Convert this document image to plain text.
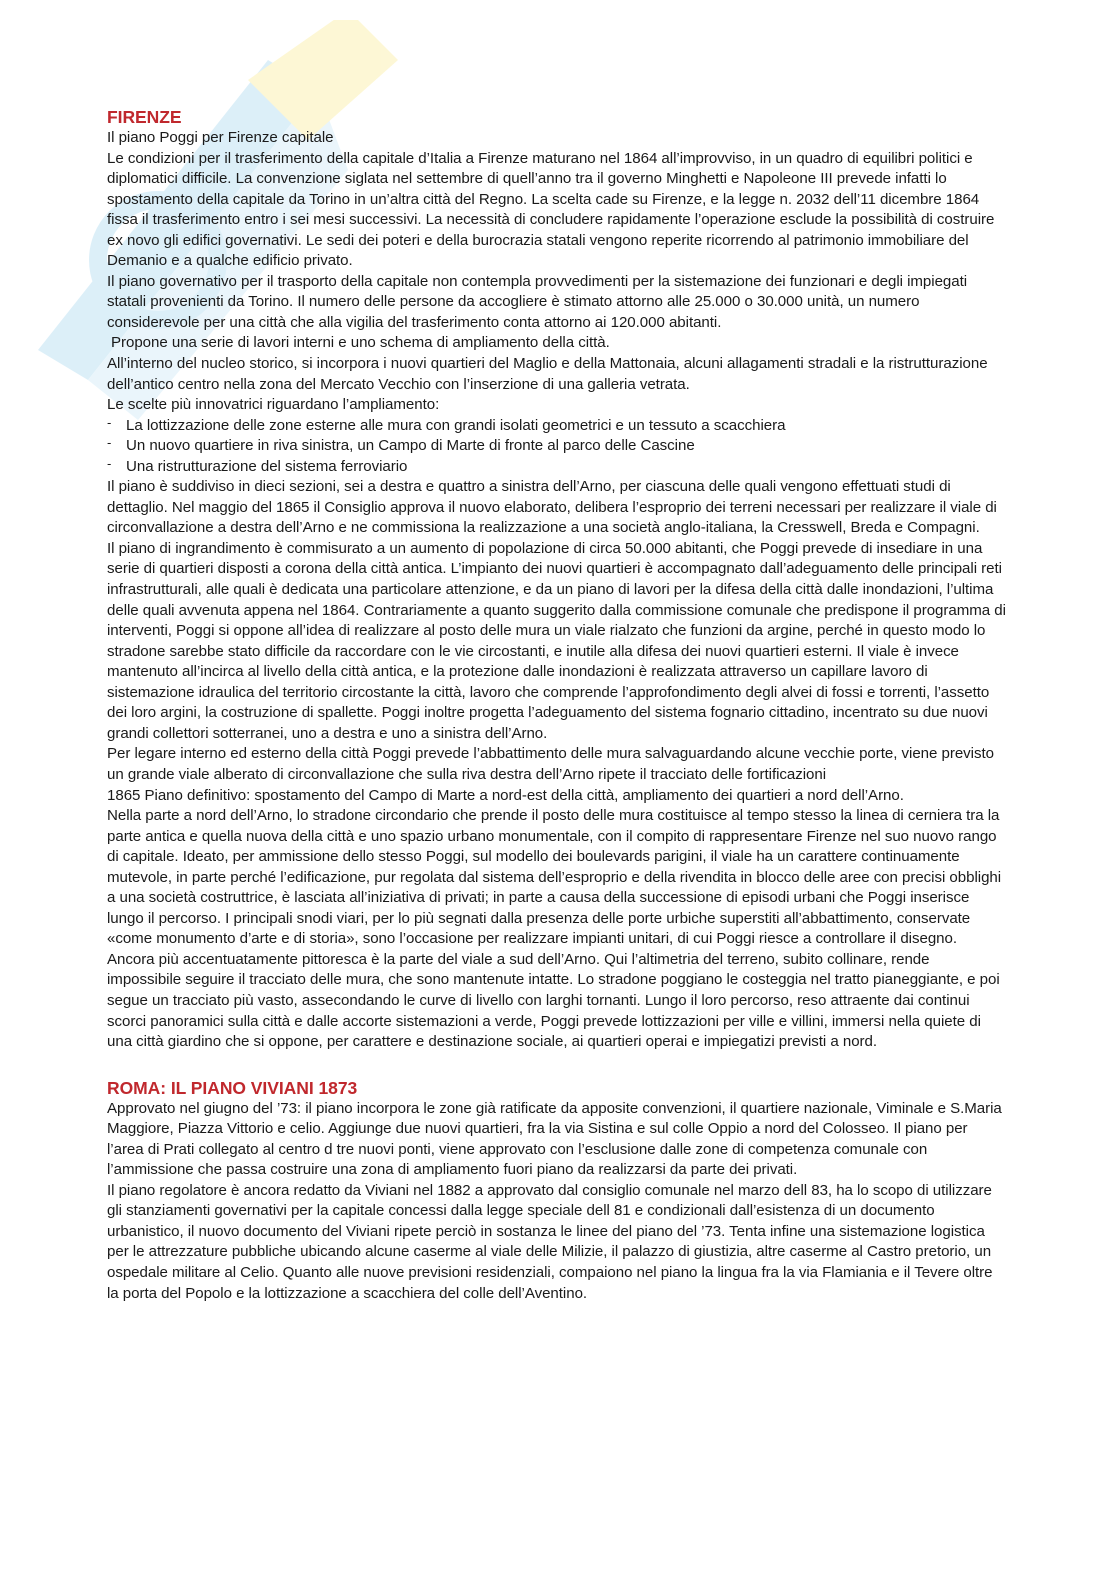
FIRENZE

Il piano Poggi per Firenze capitale

Le condizioni per il trasferimento della capitale d’Italia a Firenze maturano nel 1864 all’improvviso, in un quadro di equilibri politici e diplomatici difficile. La convenzione siglata nel settembre di quell’anno tra il governo Minghetti e Napoleone III prevede infatti lo spostamento della capitale da Torino in un’altra città del Regno. La scelta cade su Firenze, e la legge n. 2032 dell’11 dicembre 1864 fissa il trasferimento entro i sei mesi successivi. La necessità di concludere rapidamente l’operazione esclude la possibilità di costruire ex novo gli edifici governativi. Le sedi dei poteri e della burocrazia statali vengono reperite ricorrendo al patrimonio immobiliare del Demanio e a qualche edificio privato.

Il piano governativo per il trasporto della capitale non contempla provvedimenti per la sistemazione dei funzionari e degli impiegati statali provenienti da Torino. Il numero delle persone da accogliere è stimato attorno alle 25.000 o 30.000 unità, un numero considerevole per una città che alla vigilia del trasferimento conta attorno ai 120.000 abitanti.

Propone una serie di lavori interni e uno schema di ampliamento della città.

All’interno del nucleo storico, si incorpora i nuovi quartieri del Maglio e della Mattonaia, alcuni allagamenti stradali e la ristrutturazione dell’antico centro nella zona del Mercato Vecchio con l’inserzione di una galleria vetrata.

Le scelte più innovatrici riguardano l’ampliamento:

- La lottizzazione delle zone esterne alle mura con grandi isolati geometrici e un tessuto a scacchiera
- Un nuovo quartiere in riva sinistra, un Campo di Marte di fronte al parco delle Cascine
- Una ristrutturazione del sistema ferroviario

Il piano è suddiviso in dieci sezioni, sei a destra e quattro a sinistra dell’Arno, per ciascuna delle quali vengono effettuati studi di dettaglio. Nel maggio del 1865 il Consiglio approva il nuovo elaborato, delibera l’esproprio dei terreni necessari per realizzare il viale di circonvallazione a destra dell’Arno e ne commissiona la realizzazione a una società anglo-italiana, la Cresswell, Breda e Compagni.

Il piano di ingrandimento è commisurato a un aumento di popolazione di circa 50.000 abitanti, che Poggi prevede di insediare in una serie di quartieri disposti a corona della città antica. L’impianto dei nuovi quartieri è accompagnato dall’adeguamento delle principali reti infrastrutturali, alle quali è dedicata una particolare attenzione, e da un piano di lavori per la difesa della città dalle inondazioni, l’ultima delle quali avvenuta appena nel 1864. Contrariamente a quanto suggerito dalla commissione comunale che predispone il programma di interventi, Poggi si oppone all’idea di realizzare al posto delle mura un viale rialzato che funzioni da argine, perché in questo modo lo stradone sarebbe stato difficile da raccordare con le vie circostanti, e inutile alla difesa dei nuovi quartieri esterni. Il viale è invece mantenuto all’incirca al livello della città antica, e la protezione dalle inondazioni è realizzata attraverso un capillare lavoro di sistemazione idraulica del territorio circostante la città, lavoro che comprende l’approfondimento degli alvei di fossi e torrenti, l’assetto dei loro argini, la costruzione di spallette. Poggi inoltre progetta l’adeguamento del sistema fognario cittadino, incentrato su due nuovi grandi collettori sotterranei, uno a destra e uno a sinistra dell’Arno.

Per legare interno ed esterno della città Poggi prevede l’abbattimento delle mura salvaguardando alcune vecchie porte, viene previsto un grande viale alberato di circonvallazione che sulla riva destra dell’Arno ripete il tracciato delle fortificazioni

1865 Piano definitivo: spostamento del Campo di Marte a nord-est della città, ampliamento dei quartieri a nord dell’Arno.

Nella parte a nord dell’Arno, lo stradone circondario che prende il posto delle mura costituisce al tempo stesso la linea di cerniera tra la parte antica e quella nuova della città e uno spazio urbano monumentale, con il compito di rappresentare Firenze nel suo nuovo rango di capitale. Ideato, per ammissione dello stesso Poggi, sul modello dei boulevards parigini, il viale ha un carattere continuamente mutevole, in parte perché l’edificazione, pur regolata dal sistema dell’esproprio e della rivendita in blocco delle aree con precisi obblighi a una società costruttrice, è lasciata all’iniziativa di privati; in parte a causa della successione di episodi urbani che Poggi inserisce lungo il percorso. I principali snodi viari, per lo più segnati dalla presenza delle porte urbiche superstiti all’abbattimento, conservate «come monumento d’arte e di storia», sono l’occasione per realizzare impianti unitari, di cui Poggi riesce a controllare il disegno.

Ancora più accentuatamente pittoresca è la parte del viale a sud dell’Arno. Qui l’altimetria del terreno, subito collinare, rende impossibile seguire il tracciato delle mura, che sono mantenute intatte. Lo stradone poggiano le costeggia nel tratto pianeggiante, e poi segue un tracciato più vasto, assecondando le curve di livello con larghi tornanti. Lungo il loro percorso, reso attraente dai continui scorci panoramici sulla città e dalle accorte sistemazioni a verde, Poggi prevede lottizzazioni per ville e villini, immersi nella quiete di una città giardino che si oppone, per carattere e destinazione sociale, ai quartieri operai e impiegatizi previsti a nord.

ROMA: IL PIANO VIVIANI 1873

Approvato nel giugno del ’73: il piano incorpora le zone già ratificate da apposite convenzioni, il quartiere nazionale, Viminale e S.Maria Maggiore, Piazza Vittorio e celio. Aggiunge due nuovi quartieri, fra la via Sistina e sul colle Oppio a nord del Colosseo. Il piano per l’area di Prati collegato al centro d tre nuovi ponti, viene approvato con l’esclusione dalle zone di competenza comunale con l’ammissione che passa costruire una zona di ampliamento fuori piano da realizzarsi da parte dei privati.

Il piano regolatore è ancora redatto da Viviani nel 1882 a approvato dal consiglio comunale nel marzo dell 83, ha lo scopo di utilizzare gli stanziamenti governativi per la capitale concessi dalla legge speciale dell 81 e condizionali dall’esistenza di un documento urbanistico, il nuovo documento del Viviani ripete perciò in sostanza le linee del piano del ’73. Tenta infine una sistemazione logistica per le attrezzature pubbliche ubicando alcune caserme al viale delle Milizie, il palazzo di giustizia, altre caserme al Castro pretorio, un ospedale militare al Celio. Quanto alle nuove previsioni residenziali, compaiono nel piano la lingua fra la via Flamiania e il Tevere oltre la porta del Popolo e la lottizzazione a scacchiera del colle dell’Aventino.
